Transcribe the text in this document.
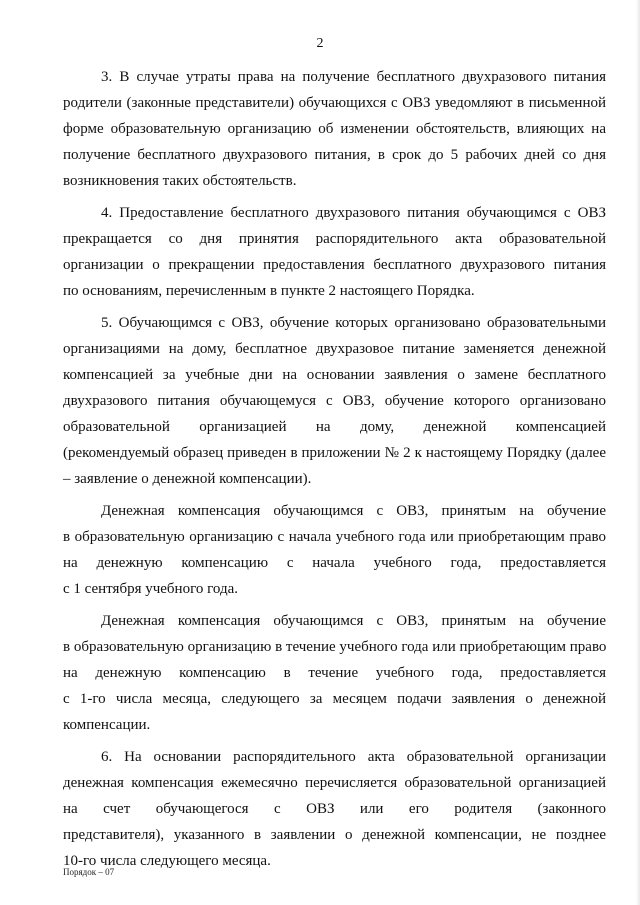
2
3. В случае утраты права на получение бесплатного двухразового питания
родители (законные представители) обучающихся с ОВЗ уведомляют в письменной
форме образовательную организацию об изменении обстоятельств, влияющих на
получение бесплатного двухразового питания, в срок до 5 рабочих дней со дня
возникновения таких обстоятельств.
4. Предоставление бесплатного двухразового питания обучающимся с ОВЗ
прекращается со дня принятия распорядительного акта образовательной
организации о прекращении предоставления бесплатного двухразового питания
по основаниям, перечисленным в пункте 2 настоящего Порядка.
5. Обучающимся с ОВЗ, обучение которых организовано образовательными
организациями на дому, бесплатное двухразовое питание заменяется денежной
компенсацией за учебные дни на основании заявления о замене бесплатного
двухразового питания обучающемуся с ОВЗ, обучение которого организовано
образовательной организацией на дому, денежной компенсацией
(рекомендуемый образец приведен в приложении № 2 к настоящему Порядку (далее
– заявление о денежной компенсации).
Денежная компенсация обучающимся с ОВЗ, принятым на обучение
в образовательную организацию с начала учебного года или приобретающим право
на денежную компенсацию с начала учебного года, предоставляется
с 1 сентября учебного года.
Денежная компенсация обучающимся с ОВЗ, принятым на обучение
в образовательную организацию в течение учебного года или приобретающим право
на денежную компенсацию в течение учебного года, предоставляется
с 1-го числа месяца, следующего за месяцем подачи заявления о денежной
компенсации.
6. На основании распорядительного акта образовательной организации
денежная компенсация ежемесячно перечисляется образовательной организацией
на счет обучающегося с ОВЗ или его родителя (законного
представителя), указанного в заявлении о денежной компенсации, не позднее
10-го числа следующего месяца.
Порядок – 07
